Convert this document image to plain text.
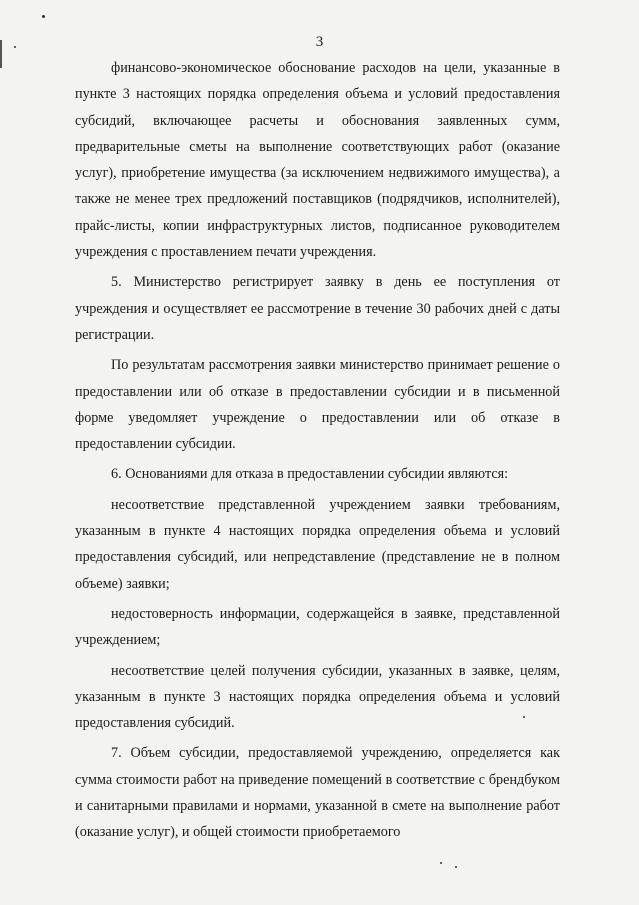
3

финансово-экономическое обоснование расходов на цели, указанные в пункте 3 настоящих порядка определения объема и условий предоставления субсидий, включающее расчеты и обоснования заявленных сумм, предварительные сметы на выполнение соответствующих работ (оказание услуг), приобретение имущества (за исключением недвижимого имущества), а также не менее трех предложений поставщиков (подрядчиков, исполнителей), прайс-листы, копии инфраструктурных листов, подписанное руководителем учреждения с проставлением печати учреждения.

5. Министерство регистрирует заявку в день ее поступления от учреждения и осуществляет ее рассмотрение в течение 30 рабочих дней с даты регистрации.

По результатам рассмотрения заявки министерство принимает решение о предоставлении или об отказе в предоставлении субсидии и в письменной форме уведомляет учреждение о предоставлении или об отказе в предоставлении субсидии.

6. Основаниями для отказа в предоставлении субсидии являются:

несоответствие представленной учреждением заявки требованиям, указанным в пункте 4 настоящих порядка определения объема и условий предоставления субсидий, или непредставление (представление не в полном объеме) заявки;

недостоверность информации, содержащейся в заявке, представленной учреждением;

несоответствие целей получения субсидии, указанных в заявке, целям, указанным в пункте 3 настоящих порядка определения объема и условий предоставления субсидий.

7. Объем субсидии, предоставляемой учреждению, определяется как сумма стоимости работ на приведение помещений в соответствие с брендбуком и санитарными правилами и нормами, указанной в смете на выполнение работ (оказание услуг), и общей стоимости приобретаемого
